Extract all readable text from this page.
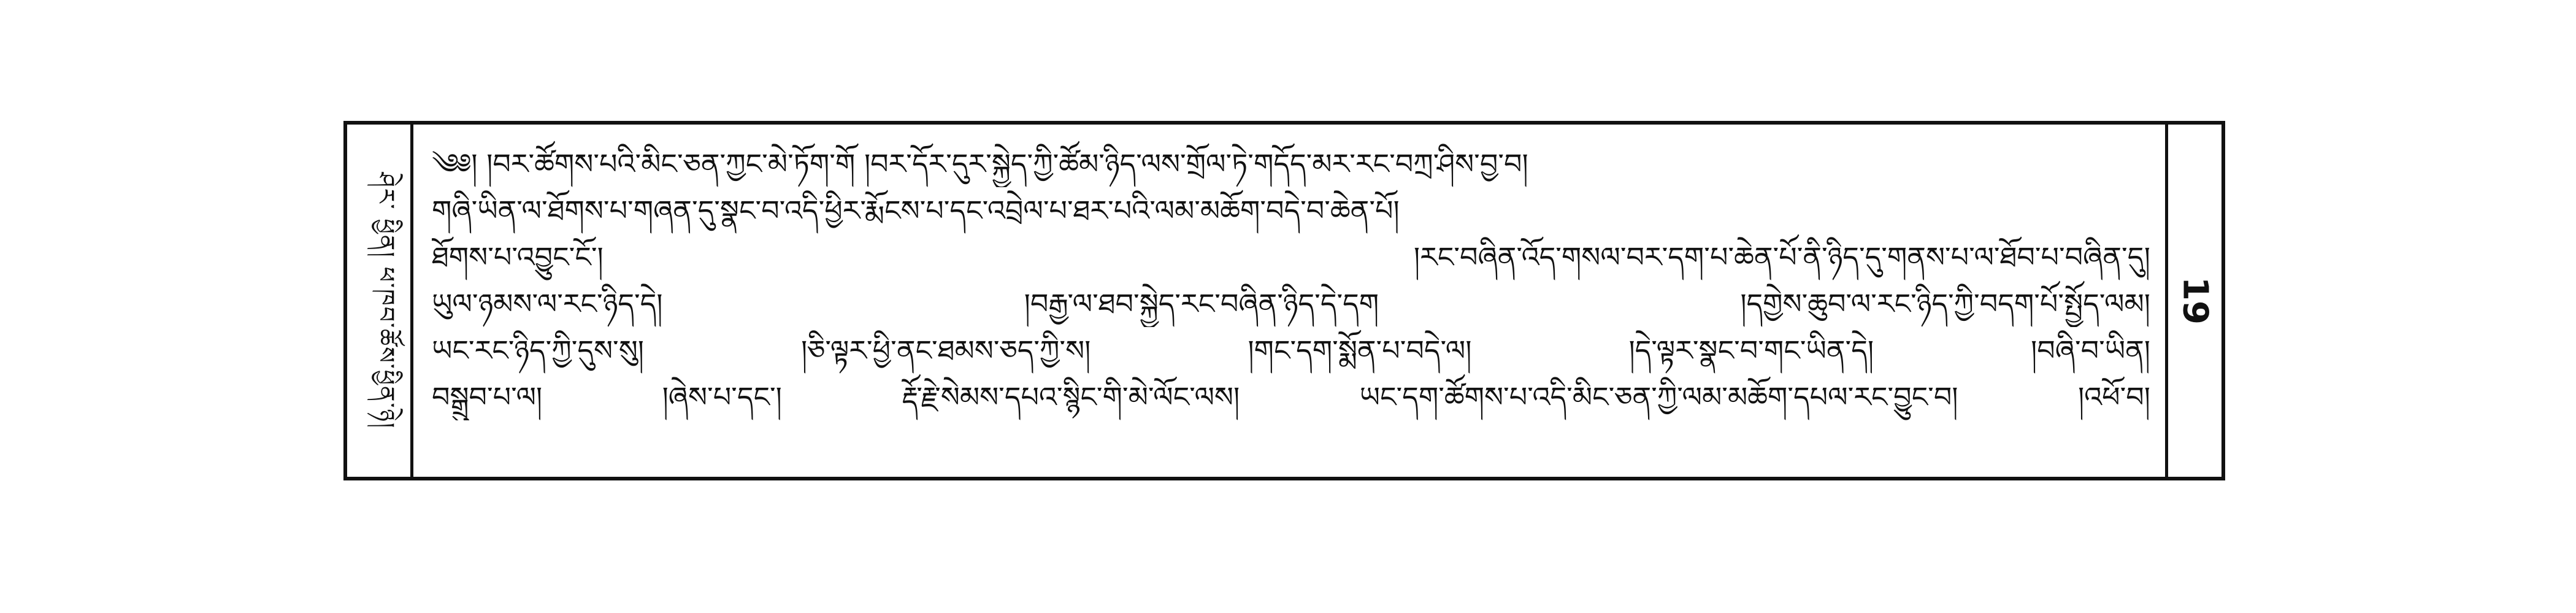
ཤེར་ ཕྱིན། ཕ་ཁབ་ཚོས་ཕྱིན་ཉེ།
༄༅། །བར་ཚོགས་པའི་མིང་ཅན་ཀྱང་མེ་ཏོག་གོ །བར་དོར་དུར་སྐྱེད་ཀྱི་ཚོམ་ཉིད་ལས་གྲོལ་ཏེ་གདོད་མར་རང་བཀྲ་ཤིས་བྱ་བ།
གཞི་ཡིན་ལ་ཐོགས་པ་གཞན་དུ་སྣང་བ་འདི་ཕྱིར་རྨོངས་པ་དང་འབྲེལ་པ་ཐར་པའི་ལམ་མཆོག་བདེ་བ་ཆེན་པོ།
ཐོགས་པ་འབྱུང་ངོ་། །རང་བཞིན་འོད་གསལ་བར་དག་པ་ཆེན་པོ་ནི་ཉིད་དུ་གནས་པ་ལ་ཐོབ་པ་བཞིན་དུ།
ཡུལ་ཉམས་ལ་རང་ཉིད་དེ། །བརྒྱ་ལ་ཐབ་སྐྱེད་རང་བཞིན་ཉིད་དེ་དག །དགྱེས་ཆུབ་ལ་རང་ཉིད་ཀྱི་བདག་པོ་སྤྱོད་ལམ།
ཡང་རང་ཉིད་ཀྱི་དུས་སུ། །ཅི་ལྟར་ཕྱི་ནང་ཐམས་ཅད་ཀྱི་ས། །གང་དག་སྨོན་པ་བདེ་ལ། །དེ་ལྟར་སྣང་བ་གང་ཡིན་དེ། །བཞི་བ་ཡིན།
བསྒྲུབ་པ་ལ། །ཞེས་པ་དང་། རྡོ་རྗེ་སེམས་དཔའ་སྙིང་གི་མེ་ལོང་ལས། ཡང་དག་ཚོགས་པ་འདི་མིང་ཅན་ཀྱི་ལམ་མཆོག་དཔལ་རང་བྱུང་བ། །འཕོ་བ།
19
